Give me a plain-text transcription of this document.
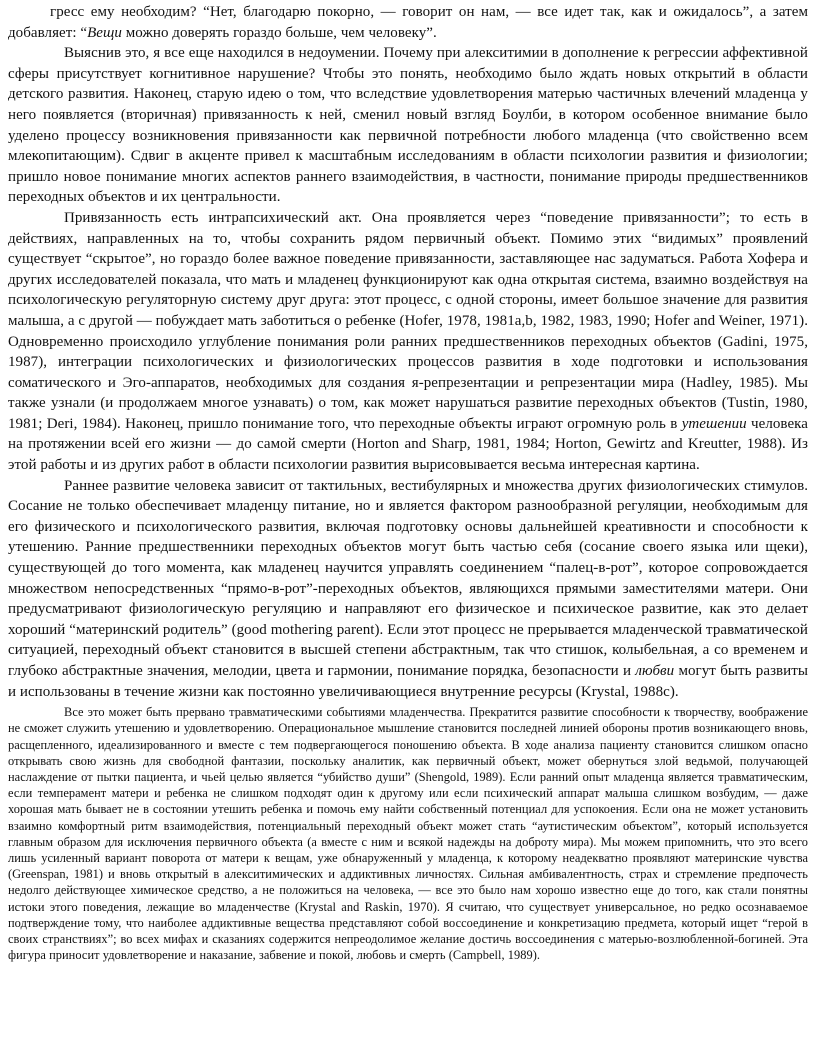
гресс ему необходим? “Нет, благодарю покорно, — говорит он нам, — все идет так, как и ожидалось”, а затем добавляет: “Вещи можно доверять гораздо больше, чем человеку”.

Выяснив это, я все еще находился в недоумении. Почему при алекситимии в дополнение к регрессии аффективной сферы присутствует когнитивное нарушение? Чтобы это понять, необходимо было ждать новых открытий в области детского развития. Наконец, старую идею о том, что вследствие удовлетворения матерью частичных влечений младенца у него появляется (вторичная) привязанность к ней, сменил новый взгляд Боулби, в котором особенное внимание было уделено процессу возникновения привязанности как первичной потребности любого младенца (что свойственно всем млекопитающим). Сдвиг в акценте привел к масштабным исследованиям в области психологии развития и физиологии; пришло новое понимание многих аспектов раннего взаимодействия, в частности, понимание природы предшественников переходных объектов и их центральности.

Привязанность есть интрапсихический акт. Она проявляется через “поведение привязанности”; то есть в действиях, направленных на то, чтобы сохранить рядом первичный объект. Помимо этих “видимых” проявлений существует “скрытое”, но гораздо более важное поведение привязанности, заставляющее нас задуматься. Работа Хофера и других исследователей показала, что мать и младенец функционируют как одна открытая система, взаимно воздействуя на психологическую регуляторную систему друг друга: этот процесс, с одной стороны, имеет большое значение для развития малыша, а с другой — побуждает мать заботиться о ребенке (Hofer, 1978, 1981a,b, 1982, 1983, 1990; Hofer and Weiner, 1971). Одновременно происходило углубление понимания роли ранних предшественников переходных объектов (Gadini, 1975, 1987), интеграции психологических и физиологических процессов развития в ходе подготовки и использования соматического и Эго-аппаратов, необходимых для создания я-репрезентации и репрезентации мира (Hadley, 1985). Мы также узнали (и продолжаем многое узнавать) о том, как может нарушаться развитие переходных объектов (Tustin, 1980, 1981; Deri, 1984). Наконец, пришло понимание того, что переходные объекты играют огромную роль в утешении человека на протяжении всей его жизни — до самой смерти (Horton and Sharp, 1981, 1984; Horton, Gewirtz and Kreutter, 1988). Из этой работы и из других работ в области психологии развития вырисовывается весьма интересная картина.

Раннее развитие человека зависит от тактильных, вестибулярных и множества других физиологических стимулов. Сосание не только обеспечивает младенцу питание, но и является фактором разнообразной регуляции, необходимым для его физического и психологического развития, включая подготовку основы дальнейшей креативности и способности к утешению. Ранние предшественники переходных объектов могут быть частью себя (сосание своего языка или щеки), существующей до того момента, как младенец научится управлять соединением “палец-в-рот”, которое сопровождается множеством непосредственных “прямо-в-рот”-переходных объектов, являющихся прямыми заместителями матери. Они предусматривают физиологическую регуляцию и направляют его физическое и психическое развитие, как это делает хороший “материнский родитель” (good mothering parent). Если этот процесс не прерывается младенческой травматической ситуацией, переходный объект становится в высшей степени абстрактным, так что стишок, колыбельная, а со временем и глубоко абстрактные значения, мелодии, цвета и гармонии, понимание порядка, безопасности и любви могут быть развиты и использованы в течение жизни как постоянно увеличивающиеся внутренние ресурсы (Krystal, 1988c).

Все это может быть прервано травматическими событиями младенчества. Прекратится развитие способности к творчеству, воображение не сможет служить утешению и удовлетворению. Операциональное мышление становится последней линией обороны против возникающего вновь, расщепленного, идеализированного и вместе с тем подвергающегося поношению объекта. В ходе анализа пациенту становится слишком опасно открывать свою жизнь для свободной фантазии, поскольку аналитик, как первичный объект, может обернуться злой ведьмой, получающей наслаждение от пытки пациента, и чьей целью является “убийство души” (Shengold, 1989). Если ранний опыт младенца является травматическим, если темперамент матери и ребенка не слишком подходят один к другому или если психический аппарат малыша слишком возбудим, — даже хорошая мать бывает не в состоянии утешить ребенка и помочь ему найти собственный потенциал для успокоения. Если она не может установить взаимно комфортный ритм взаимодействия, потенциальный переходный объект может стать “аутистическим объектом”, который используется главным образом для исключения первичного объекта (а вместе с ним и всякой надежды на доброту мира). Мы можем припомнить, что это всего лишь усиленный вариант поворота от матери к вещам, уже обнаруженный у младенца, к которому неадекватно проявляют материнские чувства (Greenspan, 1981) и вновь открытый в алекситимических и аддиктивных личностях. Сильная амбивалентность, страх и стремление предпочесть недолго действующее химическое средство, а не положиться на человека, — все это было нам хорошо известно еще до того, как стали понятны истоки этого поведения, лежащие во младенчестве (Krystal and Raskin, 1970). Я считаю, что существует универсальное, но редко осознаваемое подтверждение тому, что наиболее аддиктивные вещества представляют собой воссоединение и конкретизацию предмета, который ищет “герой в своих странствиях”; во всех мифах и сказаниях содержится непреодолимое желание достичь воссоединения с матерью-возлюбленной-богиней. Эта фигура приносит удовлетворение и наказание, забвение и покой, любовь и смерть (Campbell, 1989).
